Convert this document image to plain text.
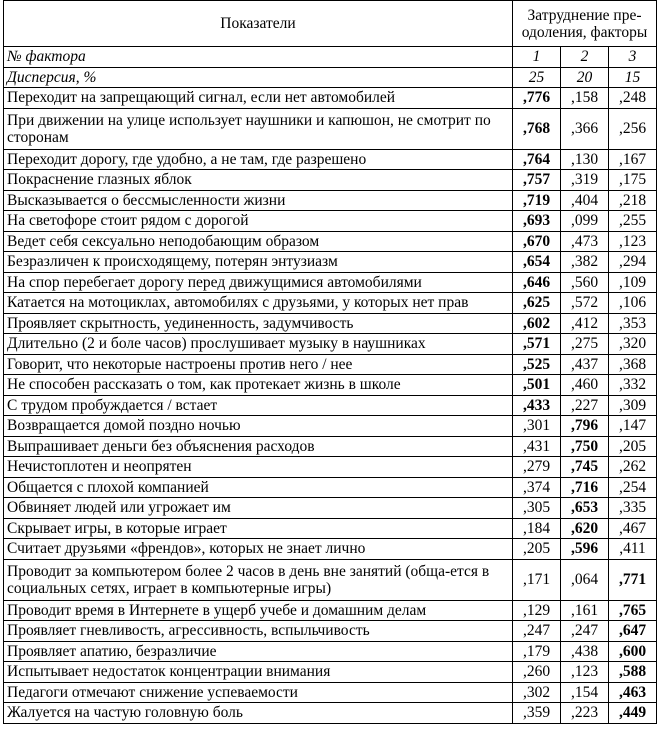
Показатели	Затруднение пре-одоления, факторы		
№ фактора	1	2	3
Дисперсия, %	25	20	15
Переходит на запрещающий сигнал, если нет автомобилей	,776	,158	,248
При движении на улице использует наушники и капюшон, не смотрит по сторонам	,768	,366	,256
Переходит дорогу, где удобно, а не там, где разрешено	,764	,130	,167
Покраснение глазных яблок	,757	,319	,175
Высказывается о бессмысленности жизни	,719	,404	,218
На светофоре стоит рядом с дорогой	,693	,099	,255
Ведет себя сексуально неподобающим образом	,670	,473	,123
Безразличен к происходящему, потерян энтузиазм	,654	,382	,294
На спор перебегает дорогу перед движущимися автомобилями	,646	,560	,109
Катается на мотоциклах, автомобилях с друзьями, у которых нет прав	,625	,572	,106
Проявляет скрытность, уединенность, задумчивость	,602	,412	,353
Длительно (2 и боле часов) прослушивает музыку в наушниках	,571	,275	,320
Говорит, что некоторые настроены против него / нее	,525	,437	,368
Не способен рассказать о том, как протекает жизнь в школе	,501	,460	,332
С трудом пробуждается / встает	,433	,227	,309
Возвращается домой поздно ночью	,301	,796	,147
Выпрашивает деньги без объяснения расходов	,431	,750	,205
Нечистоплотен и неопрятен	,279	,745	,262
Общается с плохой компанией	,374	,716	,254
Обвиняет людей или угрожает им	,305	,653	,335
Скрывает игры, в которые играет	,184	,620	,467
Считает друзьями «френдов», которых не знает лично	,205	,596	,411
Проводит за компьютером более 2 часов в день вне занятий (обща-ется в социальных сетях, играет в компьютерные игры)	,171	,064	,771
Проводит время в Интернете в ущерб учебе и домашним делам	,129	,161	,765
Проявляет гневливость, агрессивность, вспыльчивость	,247	,247	,647
Проявляет апатию, безразличие	,179	,438	,600
Испытывает недостаток концентрации внимания	,260	,123	,588
Педагоги отмечают снижение успеваемости	,302	,154	,463
Жалуется на частую головную боль	,359	,223	,449
